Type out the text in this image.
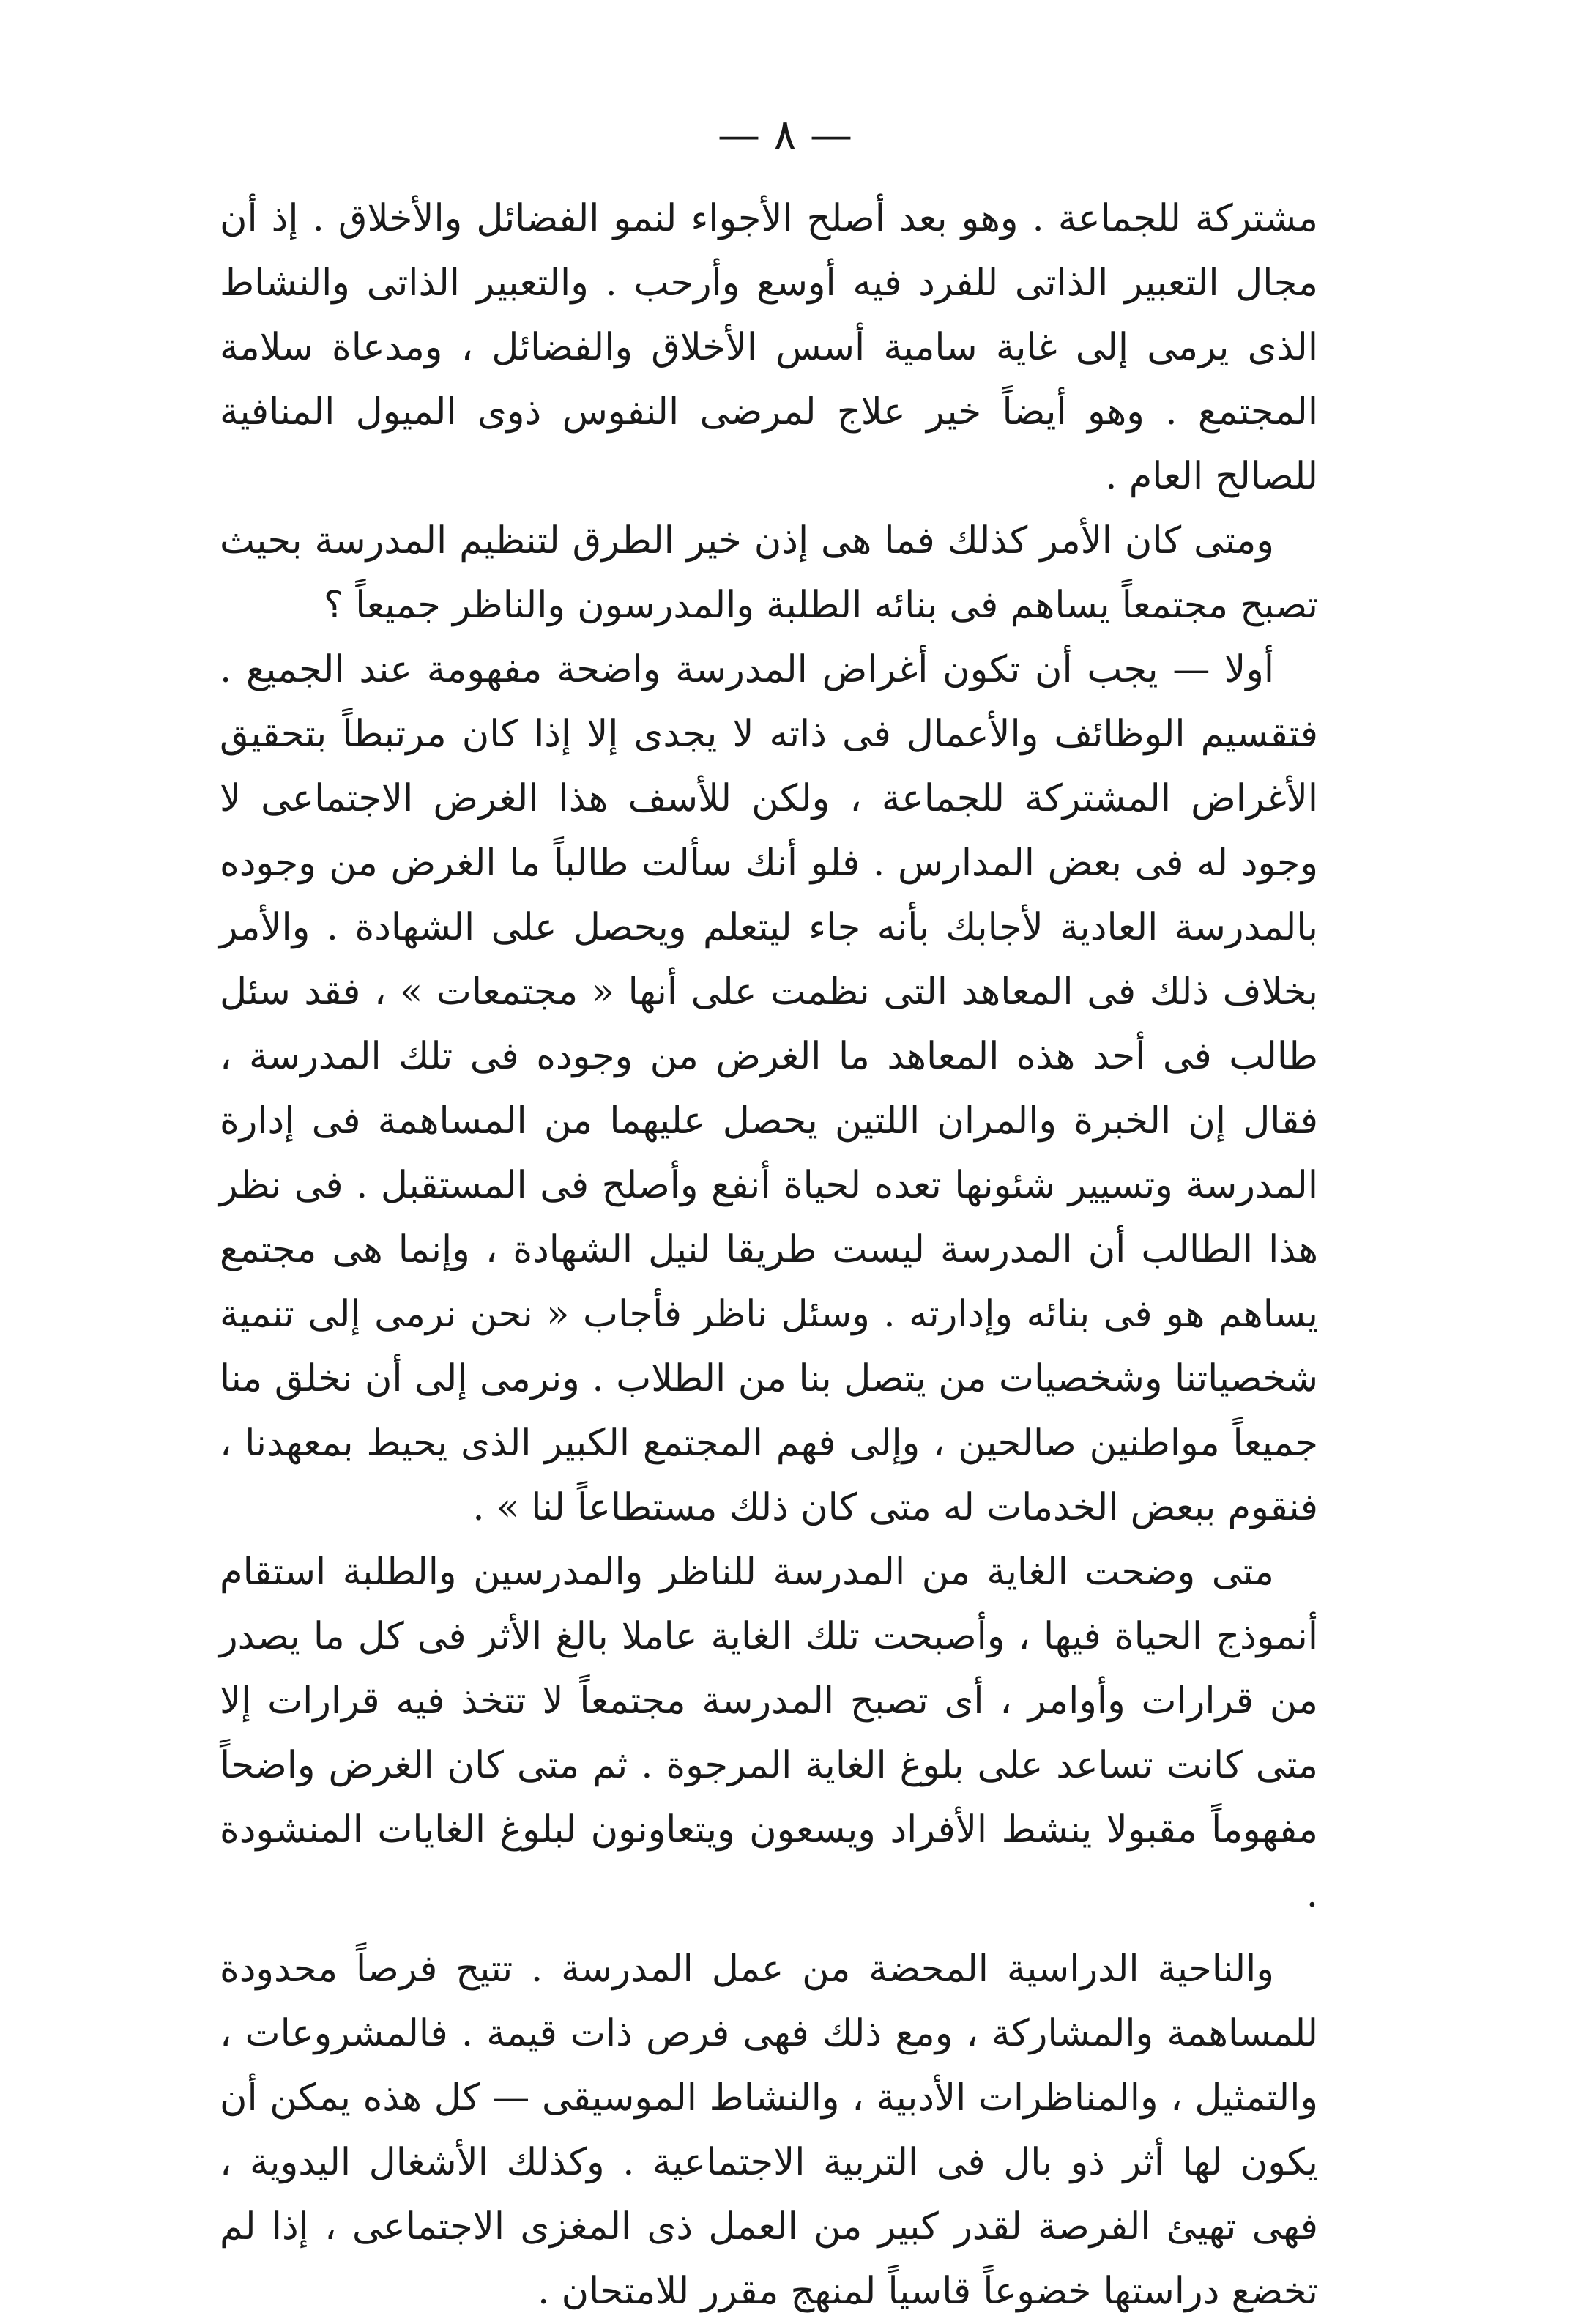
— ٨ —

مشتركة للجماعة . وهو بعد أصلح الأجواء لنمو الفضائل والأخلاق . إذ أن مجال التعبير الذاتى للفرد فيه أوسع وأرحب . والتعبير الذاتى والنشاط الذى يرمى إلى غاية سامية أسس الأخلاق والفضائل ، ومدعاة سلامة المجتمع . وهو أيضاً خير علاج لمرضى النفوس ذوى الميول المنافية للصالح العام .

ومتى كان الأمر كذلك فما هى إذن خير الطرق لتنظيم المدرسة بحيث تصبح مجتمعاً يساهم فى بنائه الطلبة والمدرسون والناظر جميعاً ؟

أولا — يجب أن تكون أغراض المدرسة واضحة مفهومة عند الجميع . فتقسيم الوظائف والأعمال فى ذاته لا يجدى إلا إذا كان مرتبطاً بتحقيق الأغراض المشتركة للجماعة ، ولكن للأسف هذا الغرض الاجتماعى لا وجود له فى بعض المدارس . فلو أنك سألت طالباً ما الغرض من وجوده بالمدرسة العادية لأجابك بأنه جاء ليتعلم ويحصل على الشهادة . والأمر بخلاف ذلك فى المعاهد التى نظمت على أنها « مجتمعات » ، فقد سئل طالب فى أحد هذه المعاهد ما الغرض من وجوده فى تلك المدرسة ، فقال إن الخبرة والمران اللتين يحصل عليهما من المساهمة فى إدارة المدرسة وتسيير شئونها تعده لحياة أنفع وأصلح فى المستقبل . فى نظر هذا الطالب أن المدرسة ليست طريقا لنيل الشهادة ، وإنما هى مجتمع يساهم هو فى بنائه وإدارته . وسئل ناظر فأجاب « نحن نرمى إلى تنمية شخصياتنا وشخصيات من يتصل بنا من الطلاب . ونرمى إلى أن نخلق منا جميعاً مواطنين صالحين ، وإلى فهم المجتمع الكبير الذى يحيط بمعهدنا ، فنقوم ببعض الخدمات له متى كان ذلك مستطاعاً لنا » .

متى وضحت الغاية من المدرسة للناظر والمدرسين والطلبة استقام أنموذج الحياة فيها ، وأصبحت تلك الغاية عاملا بالغ الأثر فى كل ما يصدر من قرارات وأوامر ، أى تصبح المدرسة مجتمعاً لا تتخذ فيه قرارات إلا متى كانت تساعد على بلوغ الغاية المرجوة . ثم متى كان الغرض واضحاً مفهوماً مقبولا ينشط الأفراد ويسعون ويتعاونون لبلوغ الغايات المنشودة .

والناحية الدراسية المحضة من عمل المدرسة . تتيح فرصاً محدودة للمساهمة والمشاركة ، ومع ذلك فهى فرص ذات قيمة . فالمشروعات ، والتمثيل ، والمناظرات الأدبية ، والنشاط الموسيقى — كل هذه يمكن أن يكون لها أثر ذو بال فى التربية الاجتماعية . وكذلك الأشغال اليدوية ، فهى تهيئ الفرصة لقدر كبير من العمل ذى المغزى الاجتماعى ، إذا لم تخضع دراستها خضوعاً قاسياً لمنهج مقرر للامتحان .
